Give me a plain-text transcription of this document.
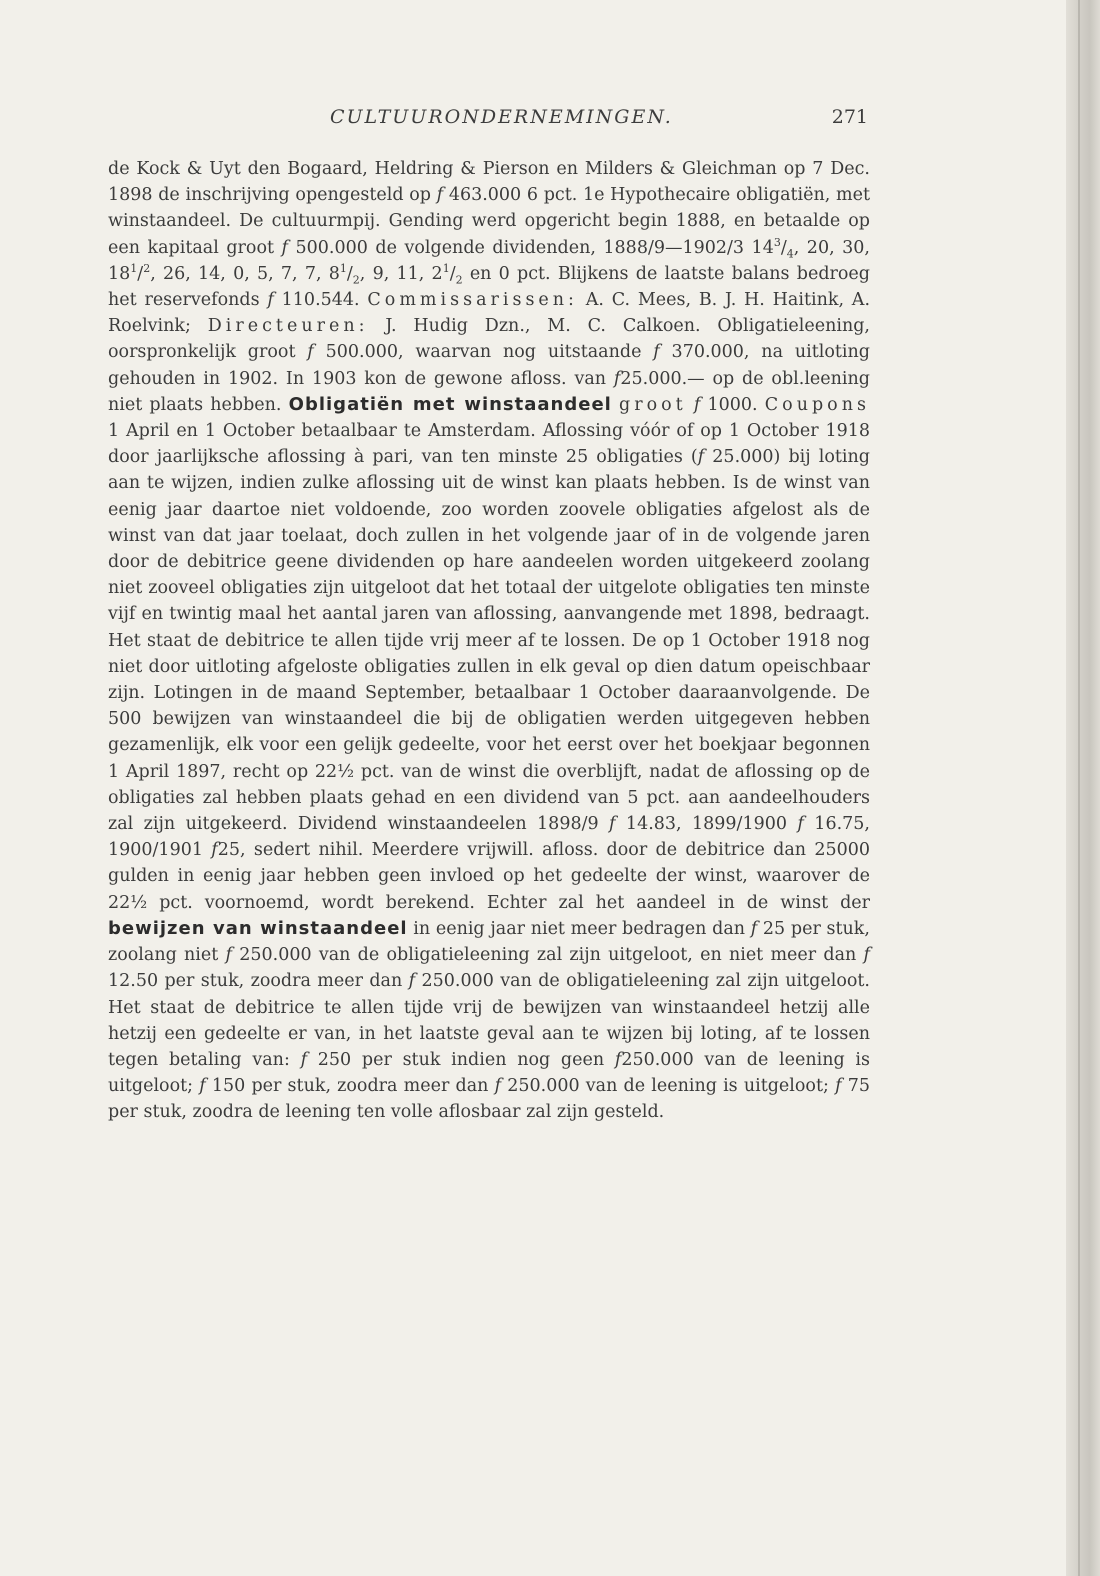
CULTUURONDERNEMINGEN.	271

de Kock & Uyt den Bogaard, Heldring & Pierson en Milders & Gleichman op 7 Dec. 1898 de inschrijving opengesteld op f 463.000 6 pct. 1e Hypothecaire obligatiën, met winstaandeel. De cultuurmpij. Gending werd opgericht begin 1888, en betaalde op een kapitaal groot f 500.000 de volgende dividenden, 1888/9—1902/3 $14^3/_4$, 20, 30, $18^1/^2$, 26, 14, 0, 5, 7, 7, $8^1/_2$, 9, 11, $2^1/_2$ en 0 pct. Blijkens de laatste balans bedroeg het reservefonds f 110.544. Commissarissen: A. C. Mees, B. J. H. Haitink, A. Roelvink; Directeuren: J. Hudig Dzn., M. C. Calkoen. Obligatieleening, oorspronkelijk groot f 500.000, waarvan nog uitstaande f 370.000, na uitloting gehouden in 1902. In 1903 kon de gewone afloss. van f25.000.— op de obl.leening niet plaats hebben. Obligatiën met winstaandeel groot f 1000. Coupons 1 April en 1 October betaalbaar te Amsterdam. Aflossing vóór of op 1 October 1918 door jaarlijksche aflossing à pari, van ten minste 25 obligaties (f 25.000) bij loting aan te wijzen, indien zulke aflossing uit de winst kan plaats hebben. Is de winst van eenig jaar daartoe niet voldoende, zoo worden zoovele obligaties afgelost als de winst van dat jaar toelaat, doch zullen in het volgende jaar of in de volgende jaren door de debitrice geene dividenden op hare aandeelen worden uitgekeerd zoolang niet zooveel obligaties zijn uitgeloot dat het totaal der uitgelote obligaties ten minste vijf en twintig maal het aantal jaren van aflossing, aanvangende met 1898, bedraagt. Het staat de debitrice te allen tijde vrij meer af te lossen. De op 1 October 1918 nog niet door uitloting afgeloste obligaties zullen in elk geval op dien datum opeischbaar zijn. Lotingen in de maand September, betaalbaar 1 October daaraanvolgende. De 500 bewijzen van winstaandeel die bij de obligatien werden uitgegeven hebben gezamenlijk, elk voor een gelijk gedeelte, voor het eerst over het boekjaar begonnen 1 April 1897, recht op 22½ pct. van de winst die overblijft, nadat de aflossing op de obligaties zal hebben plaats gehad en een dividend van 5 pct. aan aandeelhouders zal zijn uitgekeerd. Dividend winstaandeelen 1898/9 f 14.83, 1899/1900 f 16.75, 1900/1901 f25, sedert nihil. Meerdere vrijwill. afloss. door de debitrice dan 25000 gulden in eenig jaar hebben geen invloed op het gedeelte der winst, waarover de 22½ pct. voornoemd, wordt berekend. Echter zal het aandeel in de winst der bewijzen van winstaandeel in eenig jaar niet meer bedragen dan f 25 per stuk, zoolang niet f 250.000 van de obligatieleening zal zijn uitgeloot, en niet meer dan f 12.50 per stuk, zoodra meer dan f 250.000 van de obligatieleening zal zijn uitgeloot. Het staat de debitrice te allen tijde vrij de bewijzen van winstaandeel hetzij alle hetzij een gedeelte er van, in het laatste geval aan te wijzen bij loting, af te lossen tegen betaling van: f 250 per stuk indien nog geen f250.000 van de leening is uitgeloot; f 150 per stuk, zoodra meer dan f 250.000 van de leening is uitgeloot; f 75 per stuk, zoodra de leening ten volle aflosbaar zal zijn gesteld.
